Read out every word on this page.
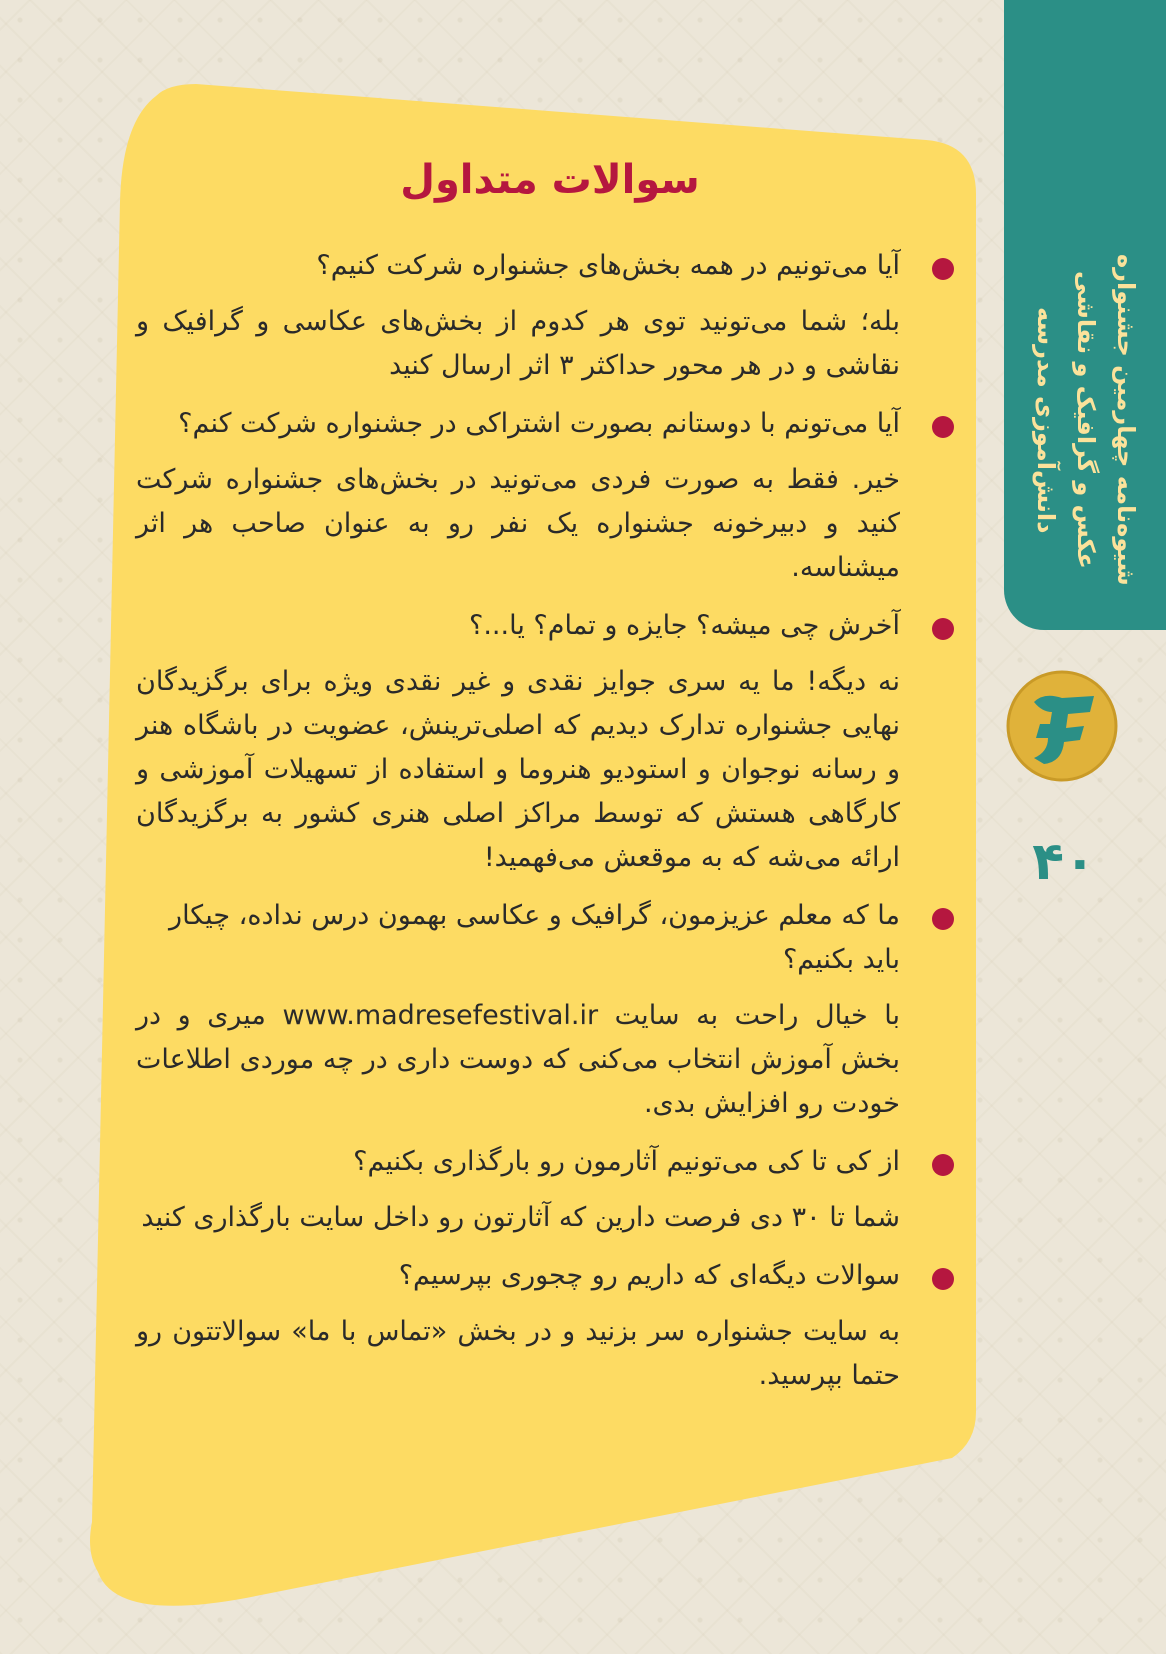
شیوه‌نامه چهارمین جشنواره
عکس و گرافیک و نقاشی
دانش‌آموزی مدرسه
۴۰
سوالات متداول

آیا می‌تونیم در همه بخش‌های جشنواره شرکت کنیم؟

بله؛ شما می‌تونید توی هر کدوم از بخش‌های عکاسی و گرافیک و نقاشی و در هر محور حداکثر ۳ اثر ارسال کنید

آیا می‌تونم با دوستانم بصورت اشتراکی در جشنواره شرکت کنم؟

خیر. فقط به صورت فردی می‌تونید در بخش‌های جشنواره شرکت کنید و دبیرخونه جشنواره یک نفر رو به عنوان صاحب هر اثر میشناسه.

آخرش چی میشه؟ جایزه و تمام؟ یا...؟

نه دیگه! ما یه سری جوایز نقدی و غیر نقدی ویژه برای برگزیدگان نهایی جشنواره تدارک دیدیم که اصلی‌ترینش، عضویت در باشگاه هنر و رسانه نوجوان و استودیو هنروما و استفاده از تسهیلات آموزشی و کارگاهی هستش که توسط مراکز اصلی هنری کشور به برگزیدگان ارائه می‌شه که به موقعش می‌فهمید!

ما که معلم عزیزمون، گرافیک و عکاسی بهمون درس نداده، چیکار باید بکنیم؟

با خیال راحت به سایت www.madresefestival.ir میری و در بخش آموزش انتخاب می‌کنی که دوست داری در چه موردی اطلاعات خودت رو افزایش بدی.

از کی تا کی می‌تونیم آثارمون رو بارگذاری بکنیم؟

شما تا ۳۰ دی فرصت دارین که آثارتون رو داخل سایت بارگذاری کنید

سوالات دیگه‌ای که داریم رو چجوری بپرسیم؟

به سایت جشنواره سر بزنید و در بخش «تماس با ما» سوالاتتون رو حتما بپرسید.
